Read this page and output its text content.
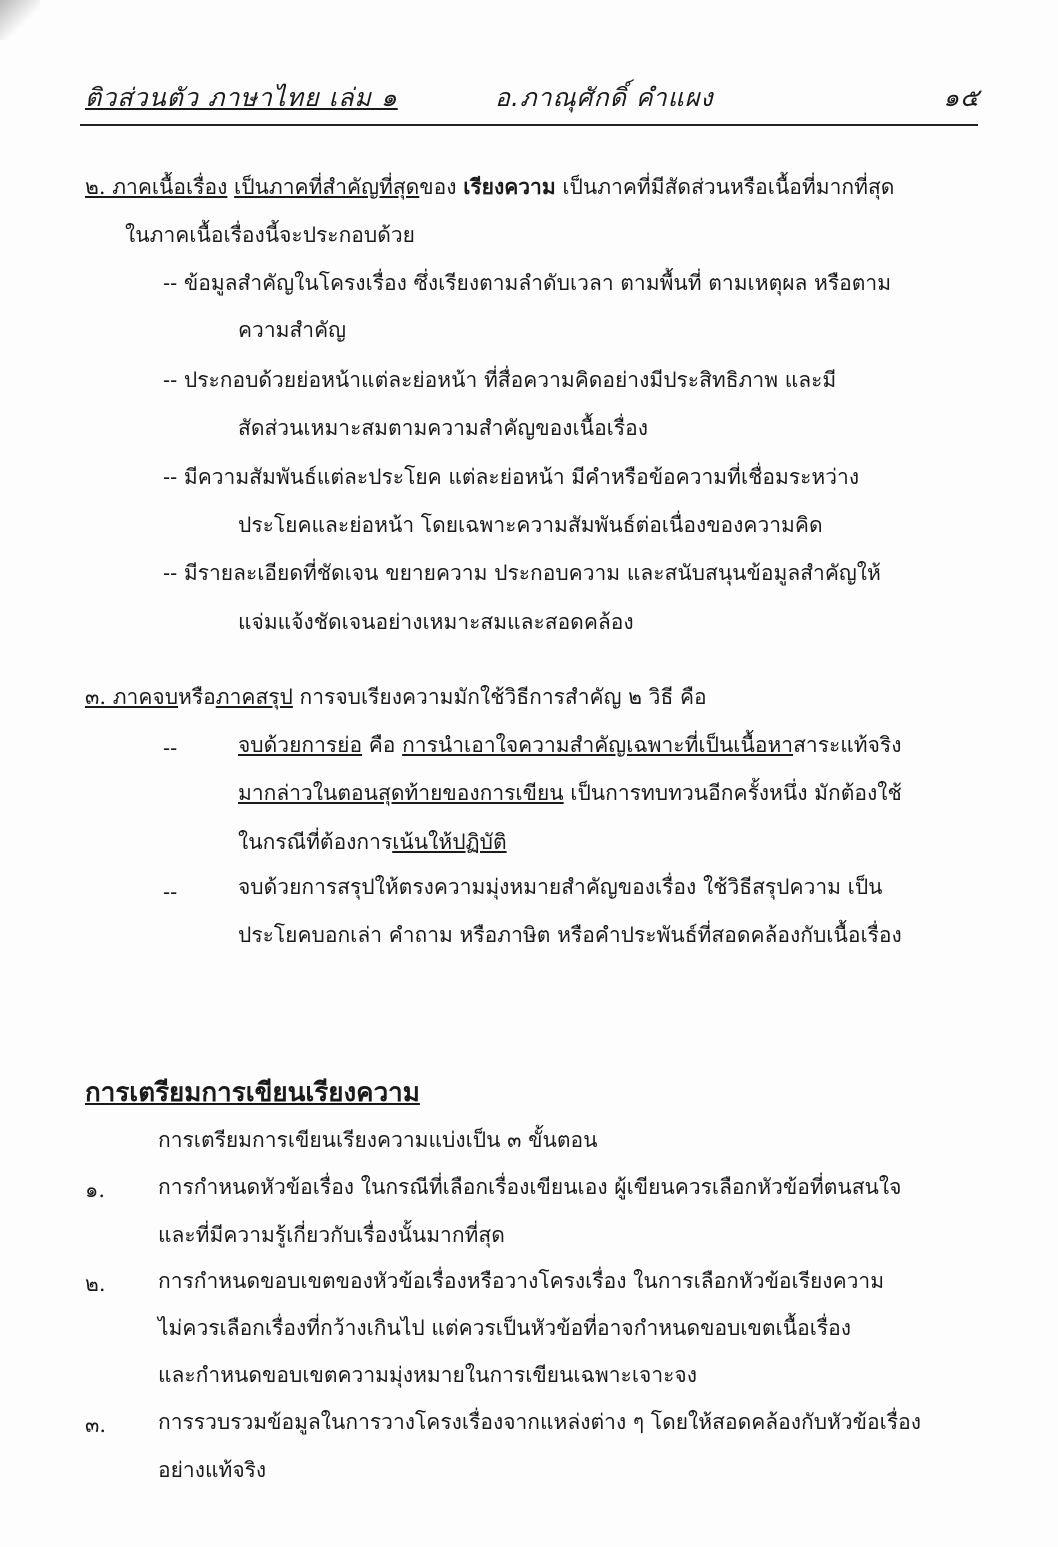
ติวส่วนตัว ภาษาไทย เล่ม ๑	อ.ภาณุศักดิ์ คำแผง	๑๕
๒. ภาคเนื้อเรื่อง เป็นภาคที่สำคัญที่สุดของ เรียงความ เป็นภาคที่มีสัดส่วนหรือเนื้อที่มากที่สุด
ในภาคเนื้อเรื่องนี้จะประกอบด้วย
-- ข้อมูลสำคัญในโครงเรื่อง ซึ่งเรียงตามลำดับเวลา ตามพื้นที่ ตามเหตุผล หรือตาม
ความสำคัญ
-- ประกอบด้วยย่อหน้าแต่ละย่อหน้า ที่สื่อความคิดอย่างมีประสิทธิภาพ และมี
สัดส่วนเหมาะสมตามความสำคัญของเนื้อเรื่อง
-- มีความสัมพันธ์แต่ละประโยค แต่ละย่อหน้า มีคำหรือข้อความที่เชื่อมระหว่าง
ประโยคและย่อหน้า โดยเฉพาะความสัมพันธ์ต่อเนื่องของความคิด
-- มีรายละเอียดที่ชัดเจน ขยายความ ประกอบความ และสนับสนุนข้อมูลสำคัญให้
แจ่มแจ้งชัดเจนอย่างเหมาะสมและสอดคล้อง
๓. ภาคจบหรือภาคสรุป การจบเรียงความมักใช้วิธีการสำคัญ ๒ วิธี คือ
--	จบด้วยการย่อ คือ การนำเอาใจความสำคัญเฉพาะที่เป็นเนื้อหาสาระแท้จริง
มากล่าวในตอนสุดท้ายของการเขียน เป็นการทบทวนอีกครั้งหนึ่ง มักต้องใช้
ในกรณีที่ต้องการเน้นให้ปฏิบัติ
--	จบด้วยการสรุปให้ตรงความมุ่งหมายสำคัญของเรื่อง ใช้วิธีสรุปความ เป็น
ประโยคบอกเล่า คำถาม หรือภาษิต หรือคำประพันธ์ที่สอดคล้องกับเนื้อเรื่อง
การเตรียมการเขียนเรียงความ
การเตรียมการเขียนเรียงความแบ่งเป็น ๓ ขั้นตอน
๑.	การกำหนดหัวข้อเรื่อง ในกรณีที่เลือกเรื่องเขียนเอง ผู้เขียนควรเลือกหัวข้อที่ตนสนใจ
และที่มีความรู้เกี่ยวกับเรื่องนั้นมากที่สุด
๒. การกำหนดขอบเขตของหัวข้อเรื่องหรือวางโครงเรื่อง ในการเลือกหัวข้อเรียงความ
ไม่ควรเลือกเรื่องที่กว้างเกินไป แต่ควรเป็นหัวข้อที่อาจกำหนดขอบเขตเนื้อเรื่อง
และกำหนดขอบเขตความมุ่งหมายในการเขียนเฉพาะเจาะจง
๓. การรวบรวมข้อมูลในการวางโครงเรื่องจากแหล่งต่าง ๆ โดยให้สอดคล้องกับหัวข้อเรื่อง
อย่างแท้จริง
